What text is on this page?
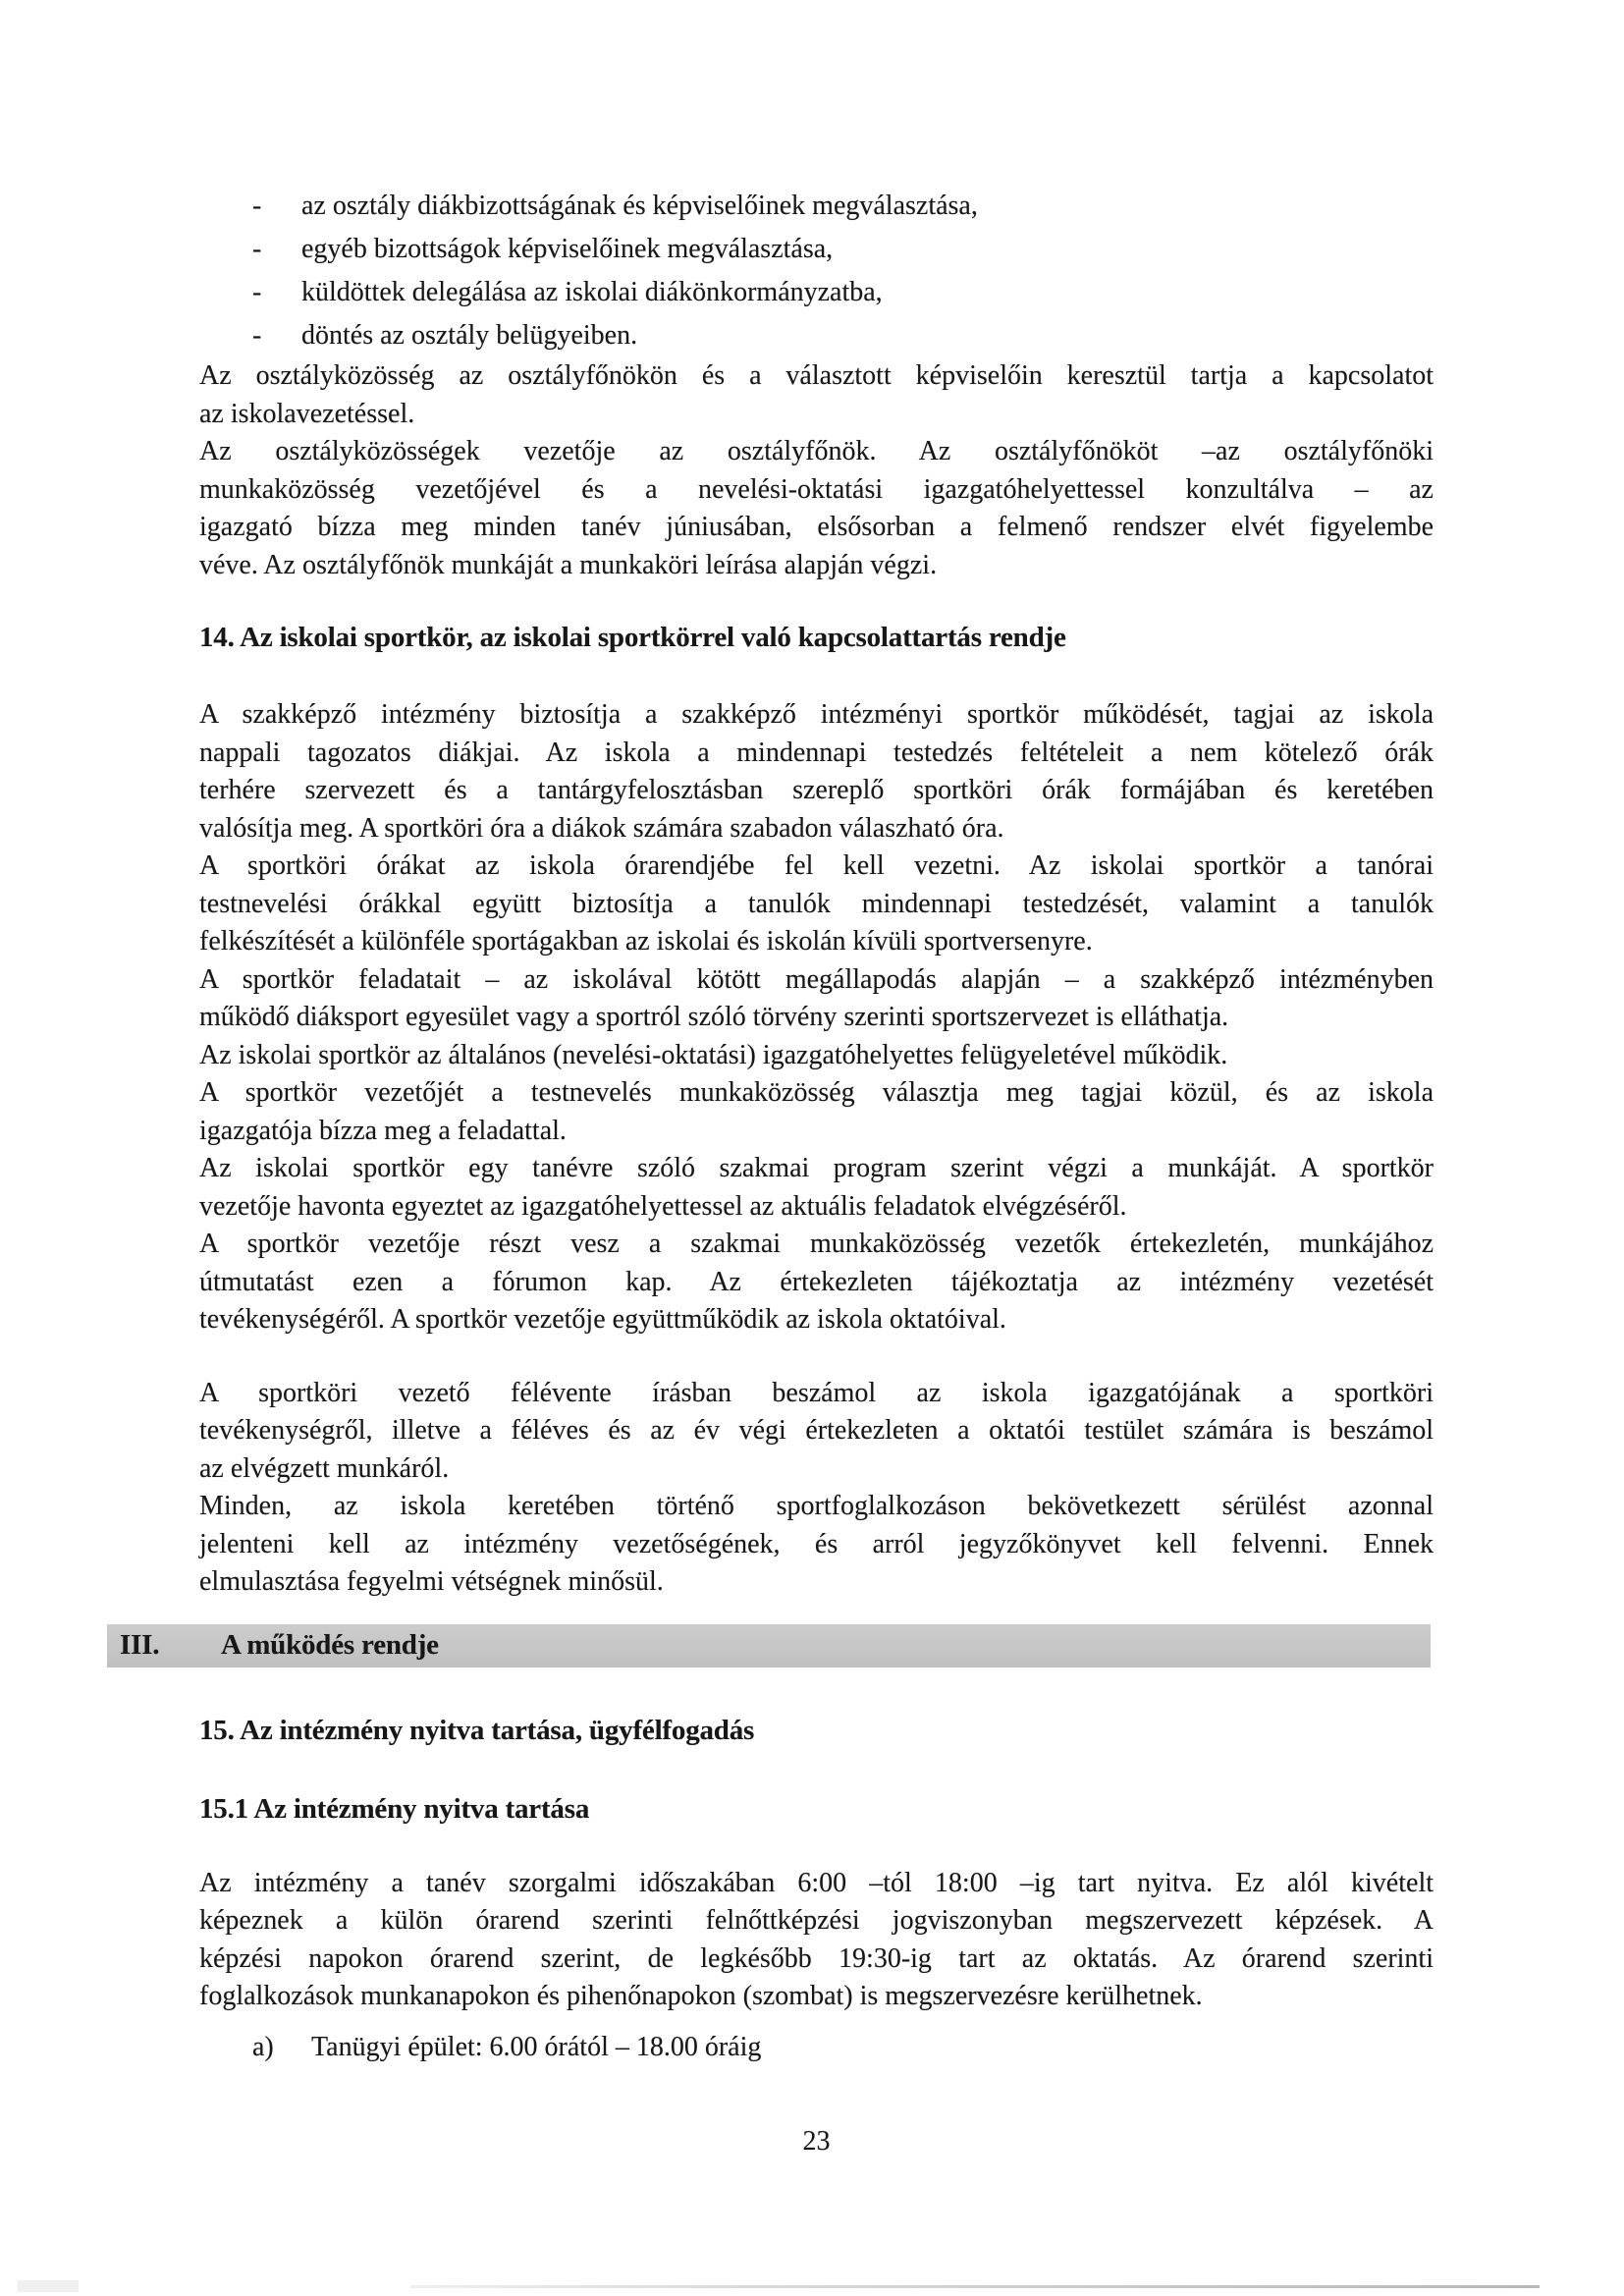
-	az osztály diákbizottságának és képviselőinek megválasztása,
-	egyéb bizottságok képviselőinek megválasztása,
-	küldöttek delegálása az iskolai diákönkormányzatba,
-	döntés az osztály belügyeiben.
Az osztályközösség az osztályfőnökön és a választott képviselőin keresztül tartja a kapcsolatot
az iskolavezetéssel.
Az osztályközösségek vezetője az osztályfőnök. Az osztályfőnököt –az osztályfőnöki
munkaközösség vezetőjével és a nevelési-oktatási igazgatóhelyettessel konzultálva – az
igazgató bízza meg minden tanév júniusában, elsősorban a felmenő rendszer elvét figyelembe
véve. Az osztályfőnök munkáját a munkaköri leírása alapján végzi.
14. Az iskolai sportkör, az iskolai sportkörrel való kapcsolattartás rendje
A szakképző intézmény biztosítja a szakképző intézményi sportkör működését, tagjai az iskola
nappali tagozatos diákjai. Az iskola a mindennapi testedzés feltételeit a nem kötelező órák
terhére szervezett és a tantárgyfelosztásban szereplő sportköri órák formájában és keretében
valósítja meg. A sportköri óra a diákok számára szabadon válaszható óra.
A sportköri órákat az iskola órarendjébe fel kell vezetni. Az iskolai sportkör a tanórai
testnevelési órákkal együtt biztosítja a tanulók mindennapi testedzését, valamint a tanulók
felkészítését a különféle sportágakban az iskolai és iskolán kívüli sportversenyre.
A sportkör feladatait – az iskolával kötött megállapodás alapján – a szakképző intézményben
működő diáksport egyesület vagy a sportról szóló törvény szerinti sportszervezet is elláthatja.
Az iskolai sportkör az általános (nevelési-oktatási) igazgatóhelyettes felügyeletével működik.
A sportkör vezetőjét a testnevelés munkaközösség választja meg tagjai közül, és az iskola
igazgatója bízza meg a feladattal.
Az iskolai sportkör egy tanévre szóló szakmai program szerint végzi a munkáját. A sportkör
vezetője havonta egyeztet az igazgatóhelyettessel az aktuális feladatok elvégzéséről.
A sportkör vezetője részt vesz a szakmai munkaközösség vezetők értekezletén, munkájához
útmutatást ezen a fórumon kap. Az értekezleten tájékoztatja az intézmény vezetését
tevékenységéről. A sportkör vezetője együttműködik az iskola oktatóival.
A sportköri vezető félévente írásban beszámol az iskola igazgatójának a sportköri
tevékenységről, illetve a féléves és az év végi értekezleten a oktatói testület számára is beszámol
az elvégzett munkáról.
Minden, az iskola keretében történő sportfoglalkozáson bekövetkezett sérülést azonnal
jelenteni kell az intézmény vezetőségének, és arról jegyzőkönyvet kell felvenni. Ennek
elmulasztása fegyelmi vétségnek minősül.
III.	A működés rendje
15. Az intézmény nyitva tartása, ügyfélfogadás
15.1 Az intézmény nyitva tartása
Az intézmény a tanév szorgalmi időszakában 6:00 –tól 18:00 –ig tart nyitva. Ez alól kivételt
képeznek a külön órarend szerinti felnőttképzési jogviszonyban megszervezett képzések. A
képzési napokon órarend szerint, de legkésőbb 19:30-ig tart az oktatás. Az órarend szerinti
foglalkozások munkanapokon és pihenőnapokon (szombat) is megszervezésre kerülhetnek.
a)	Tanügyi épület: 6.00 órától – 18.00 óráig
23
